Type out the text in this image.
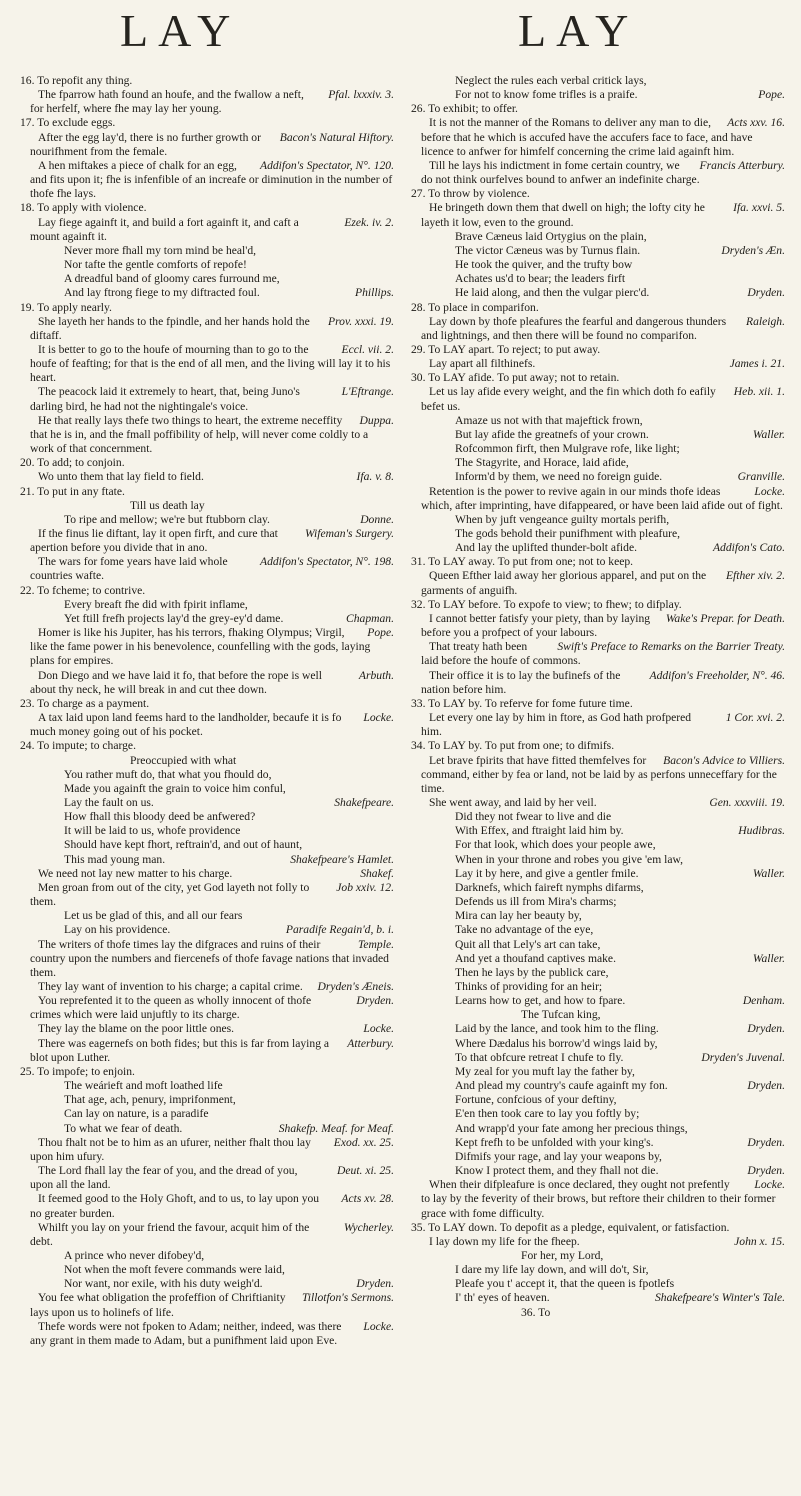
LAY	LAY

16. To repofit any thing.

Pfal. lxxxiv. 3.
The fparrow hath found an houfe, and the fwallow a neft, for herfelf, where fhe may lay her young.

17. To exclude eggs.

Bacon's Natural Hiftory.
After the egg lay'd, there is no further growth or nourifhment from the female.

Addifon's Spectator, N°. 120.
A hen miftakes a piece of chalk for an egg, and fits upon it; fhe is infenfible of an increafe or diminution in the number of thofe fhe lays.

18. To apply with violence.

Ezek. iv. 2.
Lay fiege againft it, and build a fort againft it, and caft a mount againft it.

Never more fhall my torn mind be heal'd,

Nor tafte the gentle comforts of repofe!

A dreadful band of gloomy cares furround me,

Phillips.
And lay ftrong fiege to my diftracted foul.

19. To apply nearly.

Prov. xxxi. 19.
She layeth her hands to the fpindle, and her hands hold the diftaff.

Eccl. vii. 2.
It is better to go to the houfe of mourning than to go to the houfe of feafting; for that is the end of all men, and the living will lay it to his heart.

L'Eftrange.
The peacock laid it extremely to heart, that, being Juno's darling bird, he had not the nightingale's voice.

Duppa.
He that really lays thefe two things to heart, the extreme neceffity that he is in, and the fmall poffibility of help, will never come coldly to a work of that concernment.

20. To add; to conjoin.

Ifa. v. 8.
Wo unto them that lay field to field.

21. To put in any ftate.

Till us death lay

Donne.
To ripe and mellow; we're but ftubborn clay.

Wifeman's Surgery.
If the finus lie diftant, lay it open firft, and cure that apertion before you divide that in ano.

Addifon's Spectator, N°. 198.
The wars for fome years have laid whole countries wafte.

22. To fcheme; to contrive.

Every breaft fhe did with fpirit inflame,

Chapman.
Yet ftill frefh projects lay'd the grey-ey'd dame.

Pope.
Homer is like his Jupiter, has his terrors, fhaking Olympus; Virgil, like the fame power in his benevolence, counfelling with the gods, laying plans for empires.

Arbuth.
Don Diego and we have laid it fo, that before the rope is well about thy neck, he will break in and cut thee down.

23. To charge as a payment.

Locke.
A tax laid upon land feems hard to the landholder, becaufe it is fo much money going out of his pocket.

24. To impute; to charge.

Preoccupied with what

You rather muft do, that what you fhould do,

Made you againft the grain to voice him conful,

Shakefpeare.
Lay the fault on us.

How fhall this bloody deed be anfwered?

It will be laid to us, whofe providence

Should have kept fhort, reftrain'd, and out of haunt,

Shakefpeare's Hamlet.
This mad young man.

Shakef.
We need not lay new matter to his charge.

Job xxiv. 12.
Men groan from out of the city, yet God layeth not folly to them.

Let us be glad of this, and all our fears

Paradife Regain'd, b. i.
Lay on his providence.

Temple.
The writers of thofe times lay the difgraces and ruins of their country upon the numbers and fiercenefs of thofe favage nations that invaded them.

Dryden's Æneis.
They lay want of invention to his charge; a capital crime.

Dryden.
You reprefented it to the queen as wholly innocent of thofe crimes which were laid unjuftly to its charge.

Locke.
They lay the blame on the poor little ones.

Atterbury.
There was eagernefs on both fides; but this is far from laying a blot upon Luther.

25. To impofe; to enjoin.

The weárieft and moft loathed life

That age, ach, penury, imprifonment,

Can lay on nature, is a paradife

Shakefp. Meaf. for Meaf.
To what we fear of death.

Exod. xx. 25.
Thou fhalt not be to him as an ufurer, neither fhalt thou lay upon him ufury.

Deut. xi. 25.
The Lord fhall lay the fear of you, and the dread of you, upon all the land.

Acts xv. 28.
It feemed good to the Holy Ghoft, and to us, to lay upon you no greater burden.

Wycherley.
Whilft you lay on your friend the favour, acquit him of the debt.

A prince who never difobey'd,

Not when the moft fevere commands were laid,

Dryden.
Nor want, nor exile, with his duty weigh'd.

Tillotfon's Sermons.
You fee what obligation the profeffion of Chriftianity lays upon us to holinefs of life.

Locke.
Thefe words were not fpoken to Adam; neither, indeed, was there any grant in them made to Adam, but a punifhment laid upon Eve.

Neglect the rules each verbal critick lays,

Pope.
For not to know fome trifles is a praife.

26. To exhibit; to offer.

Acts xxv. 16.
It is not the manner of the Romans to deliver any man to die, before that he which is accufed have the accufers face to face, and have licence to anfwer for himfelf concerning the crime laid againft him.

Francis Atterbury.
Till he lays his indictment in fome certain country, we do not think ourfelves bound to anfwer an indefinite charge.

27. To throw by violence.

Ifa. xxvi. 5.
He bringeth down them that dwell on high; the lofty city he layeth it low, even to the ground.

Brave Cæneus laid Ortygius on the plain,

Dryden's Æn.
The victor Cæneus was by Turnus flain.

He took the quiver, and the trufty bow

Achates us'd to bear; the leaders firft

Dryden.
He laid along, and then the vulgar pierc'd.

28. To place in comparifon.

Raleigh.
Lay down by thofe pleafures the fearful and dangerous thunders and lightnings, and then there will be found no comparifon.

29. To LAY apart. To reject; to put away.

James i. 21.
Lay apart all filthinefs.

30. To LAY afide. To put away; not to retain.

Heb. xii. 1.
Let us lay afide every weight, and the fin which doth fo eafily befet us.

Amaze us not with that majeftick frown,

Waller.
But lay afide the greatnefs of your crown.

Rofcommon firft, then Mulgrave rofe, like light;

The Stagyrite, and Horace, laid afide,

Granville.
Inform'd by them, we need no foreign guide.

Locke.
Retention is the power to revive again in our minds thofe ideas which, after imprinting, have difappeared, or have been laid afide out of fight.

When by juft vengeance guilty mortals perifh,

The gods behold their punifhment with pleafure,

Addifon's Cato.
And lay the uplifted thunder-bolt afide.

31. To LAY away. To put from one; not to keep.

Efther xiv. 2.
Queen Efther laid away her glorious apparel, and put on the garments of anguifh.

32. To LAY before. To expofe to view; to fhew; to difplay.

Wake's Prepar. for Death.
I cannot better fatisfy your piety, than by laying before you a profpect of your labours.

Swift's Preface to Remarks on the Barrier Treaty.
That treaty hath been laid before the houfe of commons.

Addifon's Freeholder, N°. 46.
Their office it is to lay the bufinefs of the nation before him.

33. To LAY by. To referve for fome future time.

1 Cor. xvi. 2.
Let every one lay by him in ftore, as God hath profpered him.

34. To LAY by. To put from one; to difmifs.

Bacon's Advice to Villiers.
Let brave fpirits that have fitted themfelves for command, either by fea or land, not be laid by as perfons unneceffary for the time.

Gen. xxxviii. 19.
She went away, and laid by her veil.

Did they not fwear to live and die

Hudibras.
With Effex, and ftraight laid him by.

For that look, which does your people awe,

When in your throne and robes you give 'em law,

Waller.
Lay it by here, and give a gentler fmile.

Darknefs, which faireft nymphs difarms,

Defends us ill from Mira's charms;

Mira can lay her beauty by,

Take no advantage of the eye,

Quit all that Lely's art can take,

Waller.
And yet a thoufand captives make.

Then he lays by the publick care,

Thinks of providing for an heir;

Denham.
Learns how to get, and how to fpare.

The Tufcan king,

Dryden.
Laid by the lance, and took him to the fling.

Where Dædalus his borrow'd wings laid by,

Dryden's Juvenal.
To that obfcure retreat I chufe to fly.

My zeal for you muft lay the father by,

Dryden.
And plead my country's caufe againft my fon.

Fortune, confcious of your deftiny,

E'en then took care to lay you foftly by;

And wrapp'd your fate among her precious things,

Dryden.
Kept frefh to be unfolded with your king's.

Difmifs your rage, and lay your weapons by,

Dryden.
Know I protect them, and they fhall not die.

Locke.
When their difpleafure is once declared, they ought not prefently to lay by the feverity of their brows, but reftore their children to their former grace with fome difficulty.

35. To LAY down. To depofit as a pledge, equivalent, or fatisfaction.

John x. 15.
I lay down my life for the fheep.

For her, my Lord,

I dare my life lay down, and will do't, Sir,

Pleafe you t' accept it, that the queen is fpotlefs

Shakefpeare's Winter's Tale.
I' th' eyes of heaven.

36. To
